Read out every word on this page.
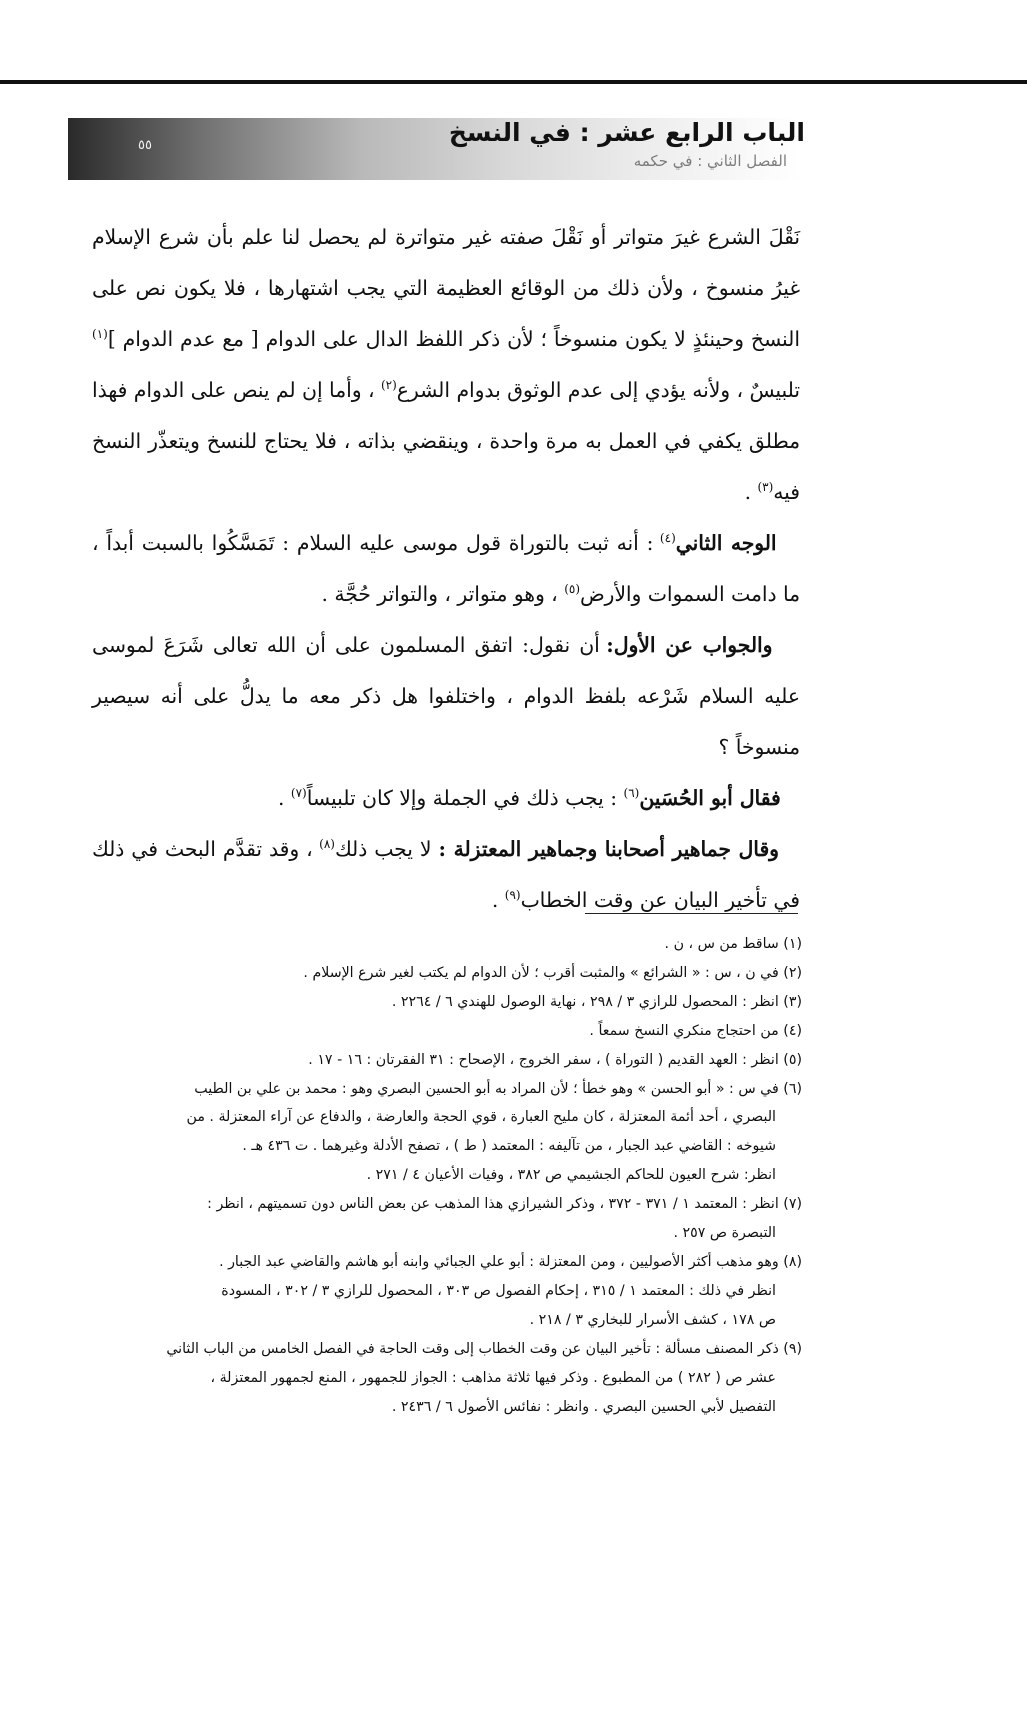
الباب الرابع عشر : في النسخ
الفصل الثاني : في حكمه
٥٥

نَقْلَ الشرع غيرَ متواتر أو نَقْلَ صفته غير متواترة لم يحصل لنا علم بأن شرع الإسلام غيرُ منسوخ ، ولأن ذلك من الوقائع العظيمة التي يجب اشتهارها ، فلا يكون نص على النسخ وحينئذٍ لا يكون منسوخاً ؛ لأن ذكر اللفظ الدال على الدوام [ مع عدم الدوام ]$^{(١)}$ تلبيسٌ ، ولأنه يؤدي إلى عدم الوثوق بدوام الشرع$^{(٢)}$ ، وأما إن لم ينص على الدوام فهذا مطلق يكفي في العمل به مرة واحدة ، وينقضي بذاته ، فلا يحتاج للنسخ ويتعذّر النسخ فيه$^{(٣)}$ .

الوجه الثاني$^{(٤)}$ : أنه ثبت بالتوراة قول موسى عليه السلام : تَمَسَّكُوا بالسبت أبداً ، ما دامت السموات والأرض$^{(٥)}$ ، وهو متواتر ، والتواتر حُجَّة .

والجواب عن الأول: أن نقول: اتفق المسلمون على أن الله تعالى شَرَعَ لموسى عليه السلام شَرْعه بلفظ الدوام ، واختلفوا هل ذكر معه ما يدلُّ على أنه سيصير منسوخاً ؟

فقال أبو الحُسَين$^{(٦)}$ : يجب ذلك في الجملة وإلا كان تلبيساً$^{(٧)}$ .

وقال جماهير أصحابنا وجماهير المعتزلة : لا يجب ذلك$^{(٨)}$ ، وقد تقدَّم البحث في ذلك في تأخير البيان عن وقت الخطاب$^{(٩)}$ .

(١) ساقط من س ، ن .

(٢) في ن ، س : « الشرائع » والمثبت أقرب ؛ لأن الدوام لم يكتب لغير شرع الإسلام .

(٣) انظر : المحصول للرازي ٣ / ٢٩٨ ، نهاية الوصول للهندي ٦ / ٢٢٦٤ .

(٤) من احتجاج منكري النسخ سمعاً .

(٥) انظر : العهد القديم ( التوراة ) ، سفر الخروج ، الإصحاح : ٣١ الفقرتان : ١٦ - ١٧ .

(٦) في س : « أبو الحسن » وهو خطأ ؛ لأن المراد به أبو الحسين البصري وهو : محمد بن علي بن الطيب

البصري ، أحد أئمة المعتزلة ، كان مليح العبارة ، قوي الحجة والعارضة ، والدفاع عن آراء المعتزلة . من

شيوخه : القاضي عبد الجبار ، من تآليفه : المعتمد ( ط ) ، تصفح الأدلة وغيرهما . ت ٤٣٦ هـ .

انظر: شرح العيون للحاكم الجشيمي ص ٣٨٢ ، وفيات الأعيان ٤ / ٢٧١ .

(٧) انظر : المعتمد ١ / ٣٧١ - ٣٧٢ ، وذكر الشيرازي هذا المذهب عن بعض الناس دون تسميتهم ، انظر :

التبصرة ص ٢٥٧ .

(٨) وهو مذهب أكثر الأصوليين ، ومن المعتزلة : أبو علي الجبائي وابنه أبو هاشم والقاضي عبد الجبار .

انظر في ذلك : المعتمد ١ / ٣١٥ ، إحكام الفصول ص ٣٠٣ ، المحصول للرازي ٣ / ٣٠٢ ، المسودة

ص ١٧٨ ، كشف الأسرار للبخاري ٣ / ٢١٨ .

(٩) ذكر المصنف مسألة : تأخير البيان عن وقت الخطاب إلى وقت الحاجة في الفصل الخامس من الباب الثاني

عشر ص ( ٢٨٢ ) من المطبوع . وذكر فيها ثلاثة مذاهب : الجواز للجمهور ، المنع لجمهور المعتزلة ،

التفصيل لأبي الحسين البصري . وانظر : نفائس الأصول ٦ / ٢٤٣٦ .
